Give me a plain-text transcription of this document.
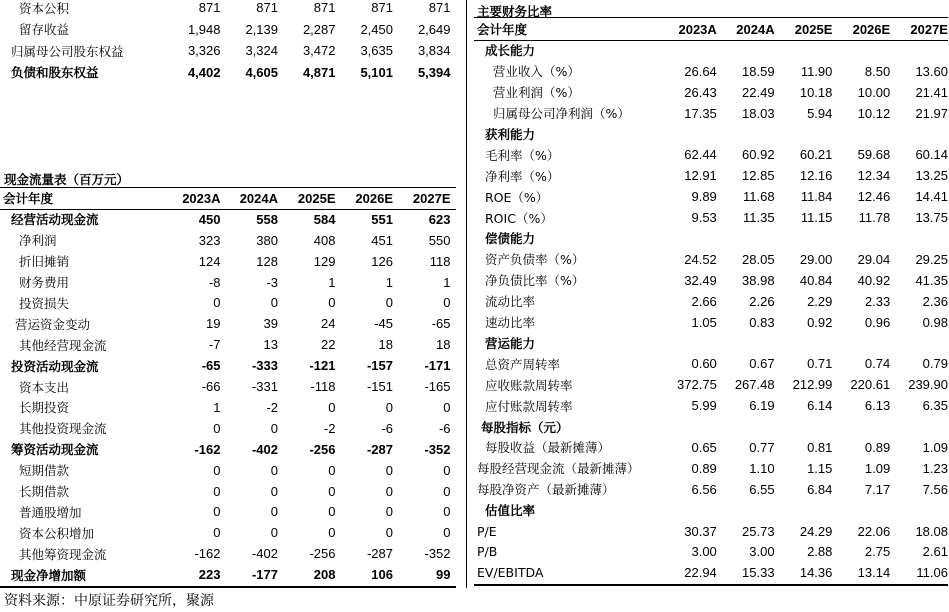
资本公积	871	871	871	871	871
留存收益	1,948	2,139	2,287	2,450	2,649
归属母公司股东权益	3,326	3,324	3,472	3,635	3,834
负债和股东权益	4,402	4,605	4,871	5,101	5,394
现金流量表（百万元）
会计年度	2023A	2024A	2025E	2026E	2027E
经营活动现金流	450	558	584	551	623
净利润	323	380	408	451	550
折旧摊销	124	128	129	126	118
财务费用	-8	-3	1	1	1
投资损失	0	0	0	0	0
营运资金变动	19	39	24	-45	-65
其他经营现金流	-7	13	22	18	18
投资活动现金流	-65	-333	-121	-157	-171
资本支出	-66	-331	-118	-151	-165
长期投资	1	-2	0	0	0
其他投资现金流	0	0	-2	-6	-6
筹资活动现金流	-162	-402	-256	-287	-352
短期借款	0	0	0	0	0
长期借款	0	0	0	0	0
普通股增加	0	0	0	0	0
资本公积增加	0	0	0	0	0
其他筹资现金流	-162	-402	-256	-287	-352
现金净增加额	223	-177	208	106	99
主要财务比率
会计年度	2023A	2024A	2025E	2026E	2027E
成长能力
营业收入（%）	26.64	18.59	11.90	8.50	13.60
营业利润（%）	26.43	22.49	10.18	10.00	21.41
归属母公司净利润（%）	17.35	18.03	5.94	10.12	21.97
获利能力
毛利率（%）	62.44	60.92	60.21	59.68	60.14
净利率（%）	12.91	12.85	12.16	12.34	13.25
ROE（%）	9.89	11.68	11.84	12.46	14.41
ROIC（%）	9.53	11.35	11.15	11.78	13.75
偿债能力
资产负债率（%）	24.52	28.05	29.00	29.04	29.25
净负债比率（%）	32.49	38.98	40.84	40.92	41.35
流动比率	2.66	2.26	2.29	2.33	2.36
速动比率	1.05	0.83	0.92	0.96	0.98
营运能力
总资产周转率	0.60	0.67	0.71	0.74	0.79
应收账款周转率	372.75	267.48	212.99	220.61	239.90
应付账款周转率	5.99	6.19	6.14	6.13	6.35
每股指标（元）
每股收益（最新摊薄）	0.65	0.77	0.81	0.89	1.09
每股经营现金流（最新摊薄）	0.89	1.10	1.15	1.09	1.23
每股净资产（最新摊薄）	6.56	6.55	6.84	7.17	7.56
估值比率
P/E	30.37	25.73	24.29	22.06	18.08
P/B	3.00	3.00	2.88	2.75	2.61
EV/EBITDA	22.94	15.33	14.36	13.14	11.06
资料来源：中原证券研究所，聚源
